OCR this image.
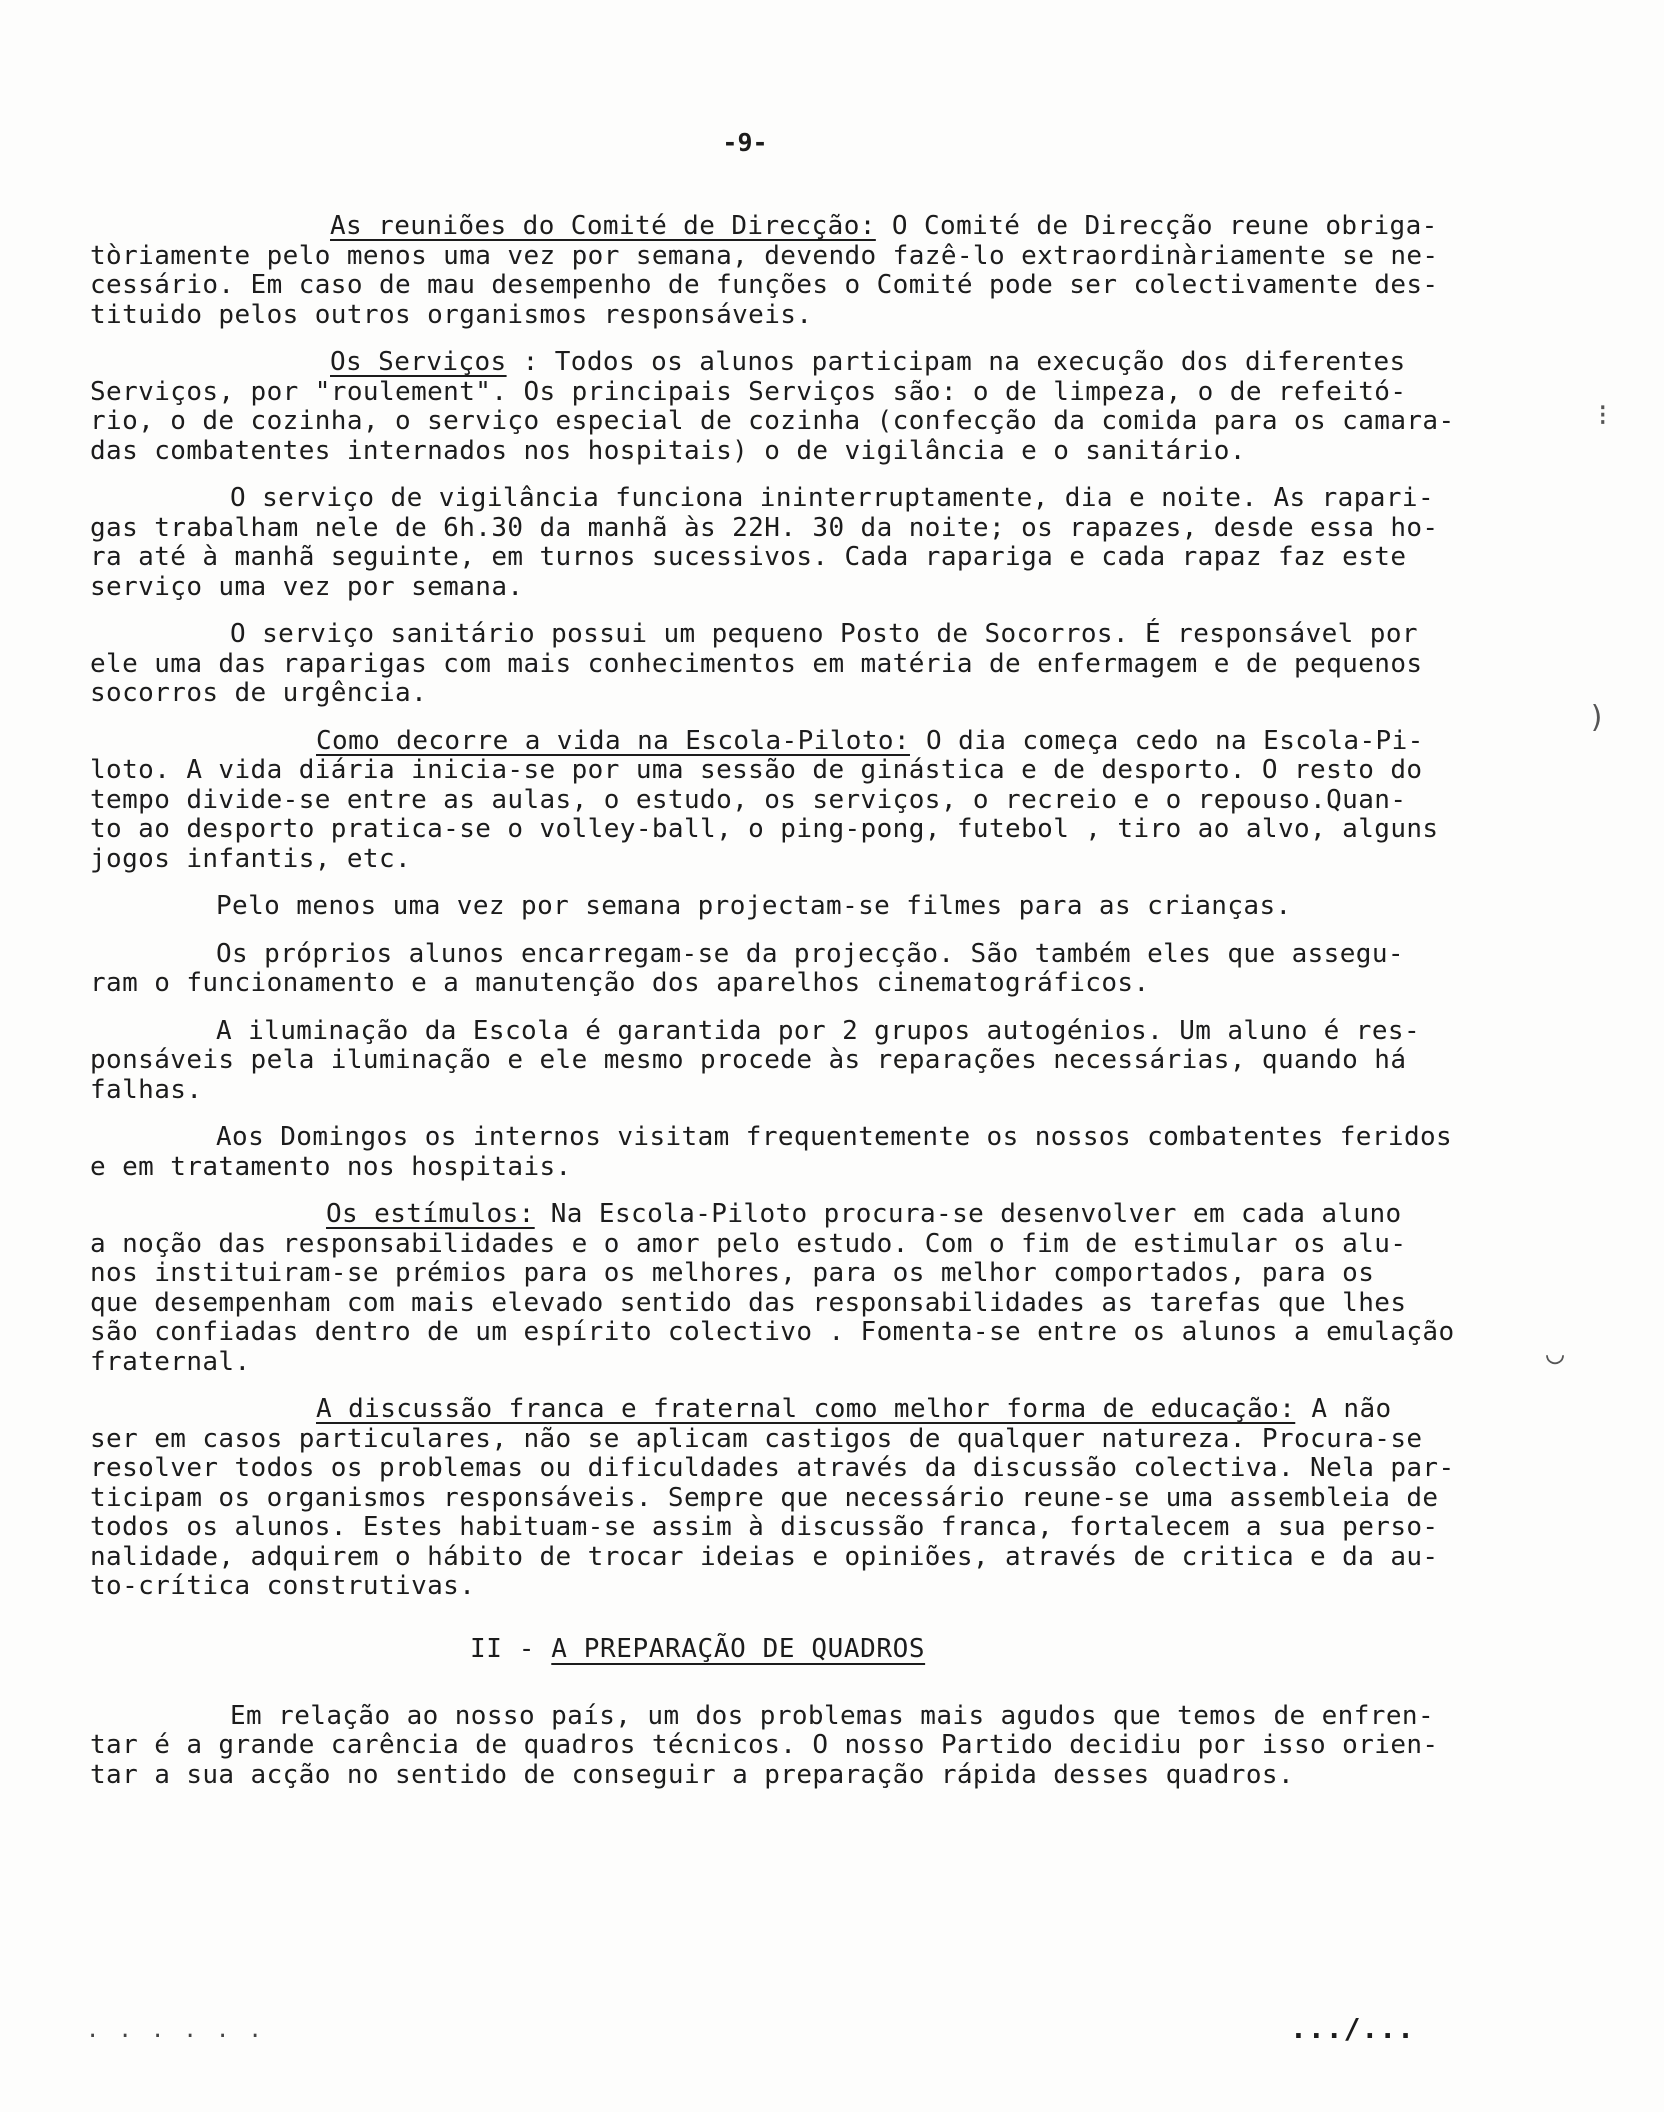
-9-
⁝
)
◡

As reuniões do Comité de Direcção: O Comité de Direcção reune obriga-
tòriamente pelo menos uma vez por semana, devendo fazê-lo extraordinàriamente se ne-
cessário. Em caso de mau desempenho de funções o Comité pode ser colectivamente des-
tituido pelos outros organismos responsáveis.

Os Serviços : Todos os alunos participam na execução dos diferentes
Serviços, por "roulement". Os principais Serviços são: o de limpeza, o de refeitó-
rio, o de cozinha, o serviço especial de cozinha (confecção da comida para os camara-
das combatentes internados nos hospitais) o de vigilância e o sanitário.

O serviço de vigilância funciona ininterruptamente, dia e noite. As rapari-
gas trabalham nele de 6h.30 da manhã às 22H. 30 da noite; os rapazes, desde essa ho-
ra até à manhã seguinte, em turnos sucessivos. Cada rapariga e cada rapaz faz este
serviço uma vez por semana.

O serviço sanitário possui um pequeno Posto de Socorros. É responsável por
ele uma das raparigas com mais conhecimentos em matéria de enfermagem e de pequenos
socorros de urgência.

Como decorre a vida na Escola-Piloto: O dia começa cedo na Escola-Pi-
loto. A vida diária inicia-se por uma sessão de ginástica e de desporto. O resto do
tempo divide-se entre as aulas, o estudo, os serviços, o recreio e o repouso.Quan-
to ao desporto pratica-se o volley-ball, o ping-pong, futebol , tiro ao alvo, alguns
jogos infantis, etc.

Pelo menos uma vez por semana projectam-se filmes para as crianças.

Os próprios alunos encarregam-se da projecção. São também eles que assegu-
ram o funcionamento e a manutenção dos aparelhos cinematográficos.

A iluminação da Escola é garantida por 2 grupos autogénios. Um aluno é res-
ponsáveis pela iluminação e ele mesmo procede às reparações necessárias, quando há
falhas.

Aos Domingos os internos visitam frequentemente os nossos combatentes feridos
e em tratamento nos hospitais.

Os estímulos: Na Escola-Piloto procura-se desenvolver em cada aluno
a noção das responsabilidades e o amor pelo estudo. Com o fim de estimular os alu-
nos instituiram-se prémios para os melhores, para os melhor comportados, para os
que desempenham com mais elevado sentido das responsabilidades as tarefas que lhes
são confiadas dentro de um espírito colectivo . Fomenta-se entre os alunos a emulação
fraternal.

A discussão franca e fraternal como melhor forma de educação: A não
ser em casos particulares, não se aplicam castigos de qualquer natureza. Procura-se
resolver todos os problemas ou dificuldades através da discussão colectiva. Nela par-
ticipam os organismos responsáveis. Sempre que necessário reune-se uma assembleia de
todos os alunos. Estes habituam-se assim à discussão franca, fortalecem a sua perso-
nalidade, adquirem o hábito de trocar ideias e opiniões, através de critica e da au-
to-crítica construtivas.

II - A PREPARAÇÃO DE QUADROS

Em relação ao nosso país, um dos problemas mais agudos que temos de enfren-
tar é a grande carência de quadros técnicos. O nosso Partido decidiu por isso orien-
tar a sua acção no sentido de conseguir a preparação rápida desses quadros.

. . . . . .	.../...
